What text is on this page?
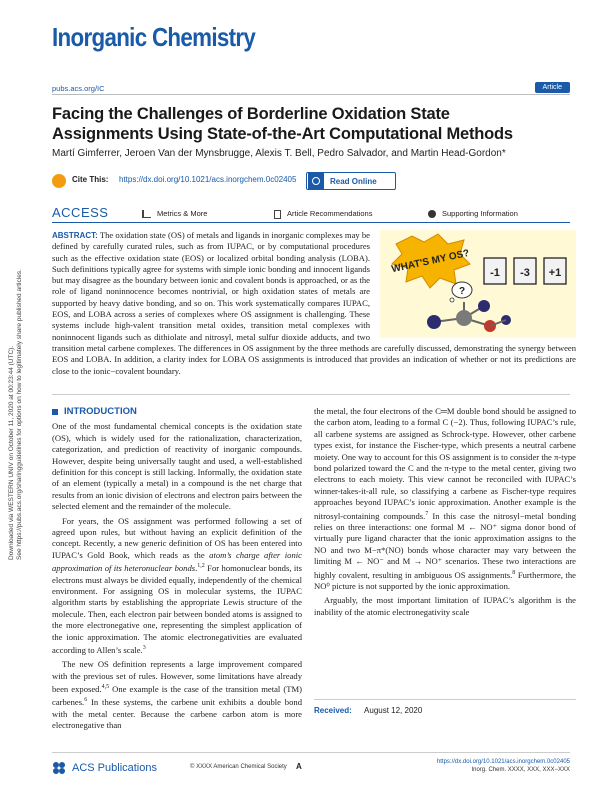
Inorganic Chemistry
pubs.acs.org/IC	Article
Facing the Challenges of Borderline Oxidation State Assignments Using State-of-the-Art Computational Methods
Martí Gimferrer, Jeroen Van der Mynsbrugge, Alexis T. Bell, Pedro Salvador, and Martin Head-Gordon*
Cite This: https://dx.doi.org/10.1021/acs.inorgchem.0c02405	Read Online
ACCESS	Metrics & More	Article Recommendations	Supporting Information
WHAT'S MY OS?
?
-1 -3 +1
ABSTRACT: The oxidation state (OS) of metals and ligands in inorganic complexes may be defined by carefully curated rules, such as from IUPAC, or by computational procedures such as the effective oxidation state (EOS) or localized orbital bonding analysis (LOBA). Such definitions typically agree for systems with simple ionic bonding and innocent ligands but may disagree as the boundary between ionic and covalent bonds is approached, or as the role of ligand noninnocence becomes nontrivial, or high oxidation states of metals are supported by heavy dative bonding, and so on. This work systematically compares IUPAC, EOS, and LOBA across a series of complexes where OS assignment is challenging. These systems include high-valent transition metal oxides, transition metal complexes with noninnocent ligands such as dithiolate and nitrosyl, metal sulfur dioxide adducts, and two transition metal carbene complexes. The differences in OS assignment by the three methods are carefully discussed, demonstrating the synergy between EOS and LOBA. In addition, a clarity index for LOBA OS assignments is introduced that provides an indication of whether or not its predictions are close to the ionic−covalent boundary.
Downloaded via WESTERN UNIV on October 11, 2020 at 00:23:44 (UTC). See https://pubs.acs.org/sharingguidelines for options on how to legitimately share published articles.	INTRODUCTION

One of the most fundamental chemical concepts is the oxidation state (OS), which is widely used for the rationalization, characterization, categorization, and prediction of reactivity of inorganic compounds. However, despite being universally taught and used, a well-established definition for this concept is still lacking. Informally, the oxidation state of an element (typically a metal) in a compound is the net charge that results from an ionic division of electrons and electron pairs between the selected element and the remainder of the molecule.

For years, the OS assignment was performed following a set of agreed upon rules, but without having an explicit definition of the concept. Recently, a new generic definition of OS has been entered into IUPAC’s Gold Book, which reads as the atom’s charge after ionic approximation of its heteronuclear bonds.$^{1,2}$ For homonuclear bonds, its electrons must always be divided equally, independently of the chemical environment. For assigning OS in molecular systems, the IUPAC algorithm starts by establishing the appropriate Lewis structure of the molecule. Then, each electron pair between bonded atoms is assigned to the more electronegative one, representing the simplest application of the ionic approximation. The atomic electronegativities are evaluated according to Allen’s scale.$^3$

The new OS definition represents a large improvement compared with the previous set of rules. However, some limitations have already been exposed.$^{4,5}$ One example is the case of the transition metal (TM) carbenes.$^6$ In these systems, the carbene unit exhibits a double bond with the metal center. Because the carbene carbon atom is more electronegative than

the metal, the four electrons of the C═M double bond should be assigned to the carbon atom, leading to a formal C (−2). Thus, following IUPAC’s rule, all carbene systems are assigned as Schrock-type. However, other carbene types exist, for instance the Fischer-type, which presents a neutral carbene moiety. One way to account for this OS assignment is to consider the π-type bond polarized toward the C and the π-type to the metal center, giving two electrons to each moiety. This view cannot be reconciled with IUPAC’s winner-takes-it-all rule, so classifying a carbene as Fischer-type requires approaches beyond IUPAC’s ionic approximation. Another example is the nitrosyl-containing compounds.$^7$ In this case the nitrosyl−metal bonding relies on three interactions: one formal M ← NO⁺ sigma donor bond of virtually pure ligand character that the ionic approximation assigns to the NO and two M−π*(NO) bonds whose character may vary between the limiting M ← NO⁻ and M → NO⁺ scenarios. These two interactions are highly covalent, resulting in ambiguous OS assignments.$^8$ Furthermore, the NO⁰ picture is not supported by the ionic approximation.

Arguably, the most important limitation of IUPAC’s algorithm is the inability of the atomic electronegativity scale

Received: August 12, 2020
ACS Publications	© XXXX American Chemical Society A	https://dx.doi.org/10.1021/acs.inorgchem.0c02405
Inorg. Chem. XXXX, XXX, XXX−XXX
